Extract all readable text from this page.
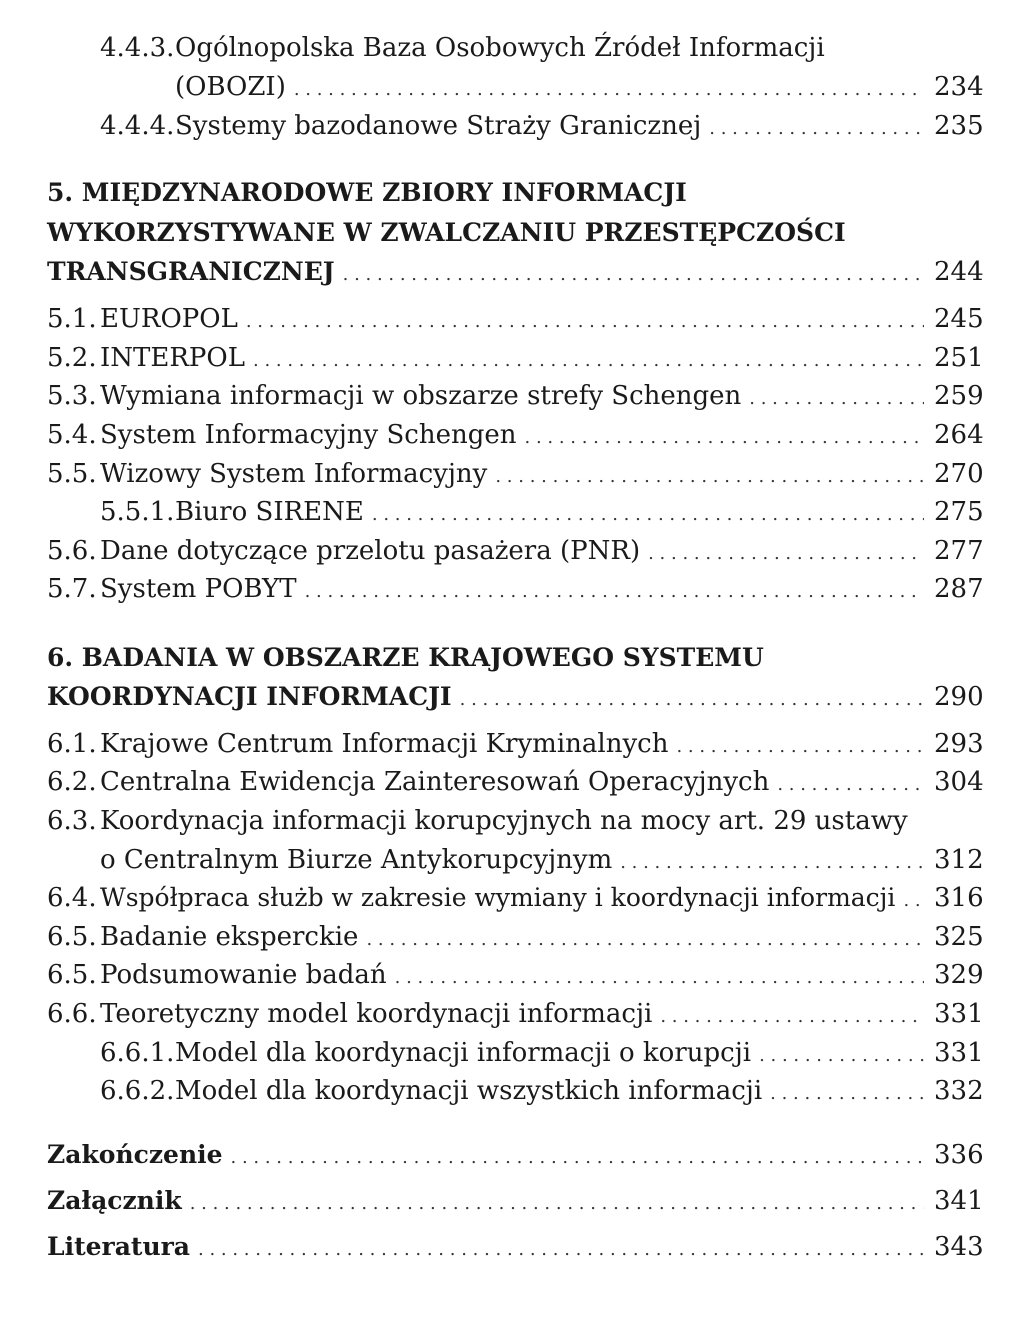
4.4.3. Ogólnopolska Baza Osobowych Źródeł Informacji
(OBOZI) . . .	234
4.4.4. Systemy bazodanowe Straży Granicznej . . .	235
5. MIĘDZYNARODOWE ZBIORY INFORMACJI
WYKORZYSTYWANE W ZWALCZANIU PRZESTĘPCZOŚCI
TRANSGRANICZNEJ . . .	244
5.1. EUROPOL . . .	245
5.2. INTERPOL . . .	251
5.3. Wymiana informacji w obszarze strefy Schengen . . .	259
5.4. System Informacyjny Schengen . . .	264
5.5. Wizowy System Informacyjny . . .	270
5.5.1. Biuro SIRENE . . .	275
5.6. Dane dotyczące przelotu pasażera (PNR) . . .	277
5.7. System POBYT . . .	287
6. BADANIA W OBSZARZE KRAJOWEGO SYSTEMU
KOORDYNACJI INFORMACJI . . .	290
6.1. Krajowe Centrum Informacji Kryminalnych . . .	293
6.2. Centralna Ewidencja Zainteresowań Operacyjnych . . .	304
6.3. Koordynacja informacji korupcyjnych na mocy art. 29 ustawy
o Centralnym Biurze Antykorupcyjnym . . .	312
6.4. Współpraca służb w zakresie wymiany i koordynacji informacji . . . 316
6.5. Badanie eksperckie . . .	325
6.5. Podsumowanie badań . . .	329
6.6. Teoretyczny model koordynacji informacji . . .	331
6.6.1. Model dla koordynacji informacji o korupcji . . .	331
6.6.2. Model dla koordynacji wszystkich informacji . . .	332
Zakończenie . . .	336
Załącznik . . .	341
Literatura . . .	343
